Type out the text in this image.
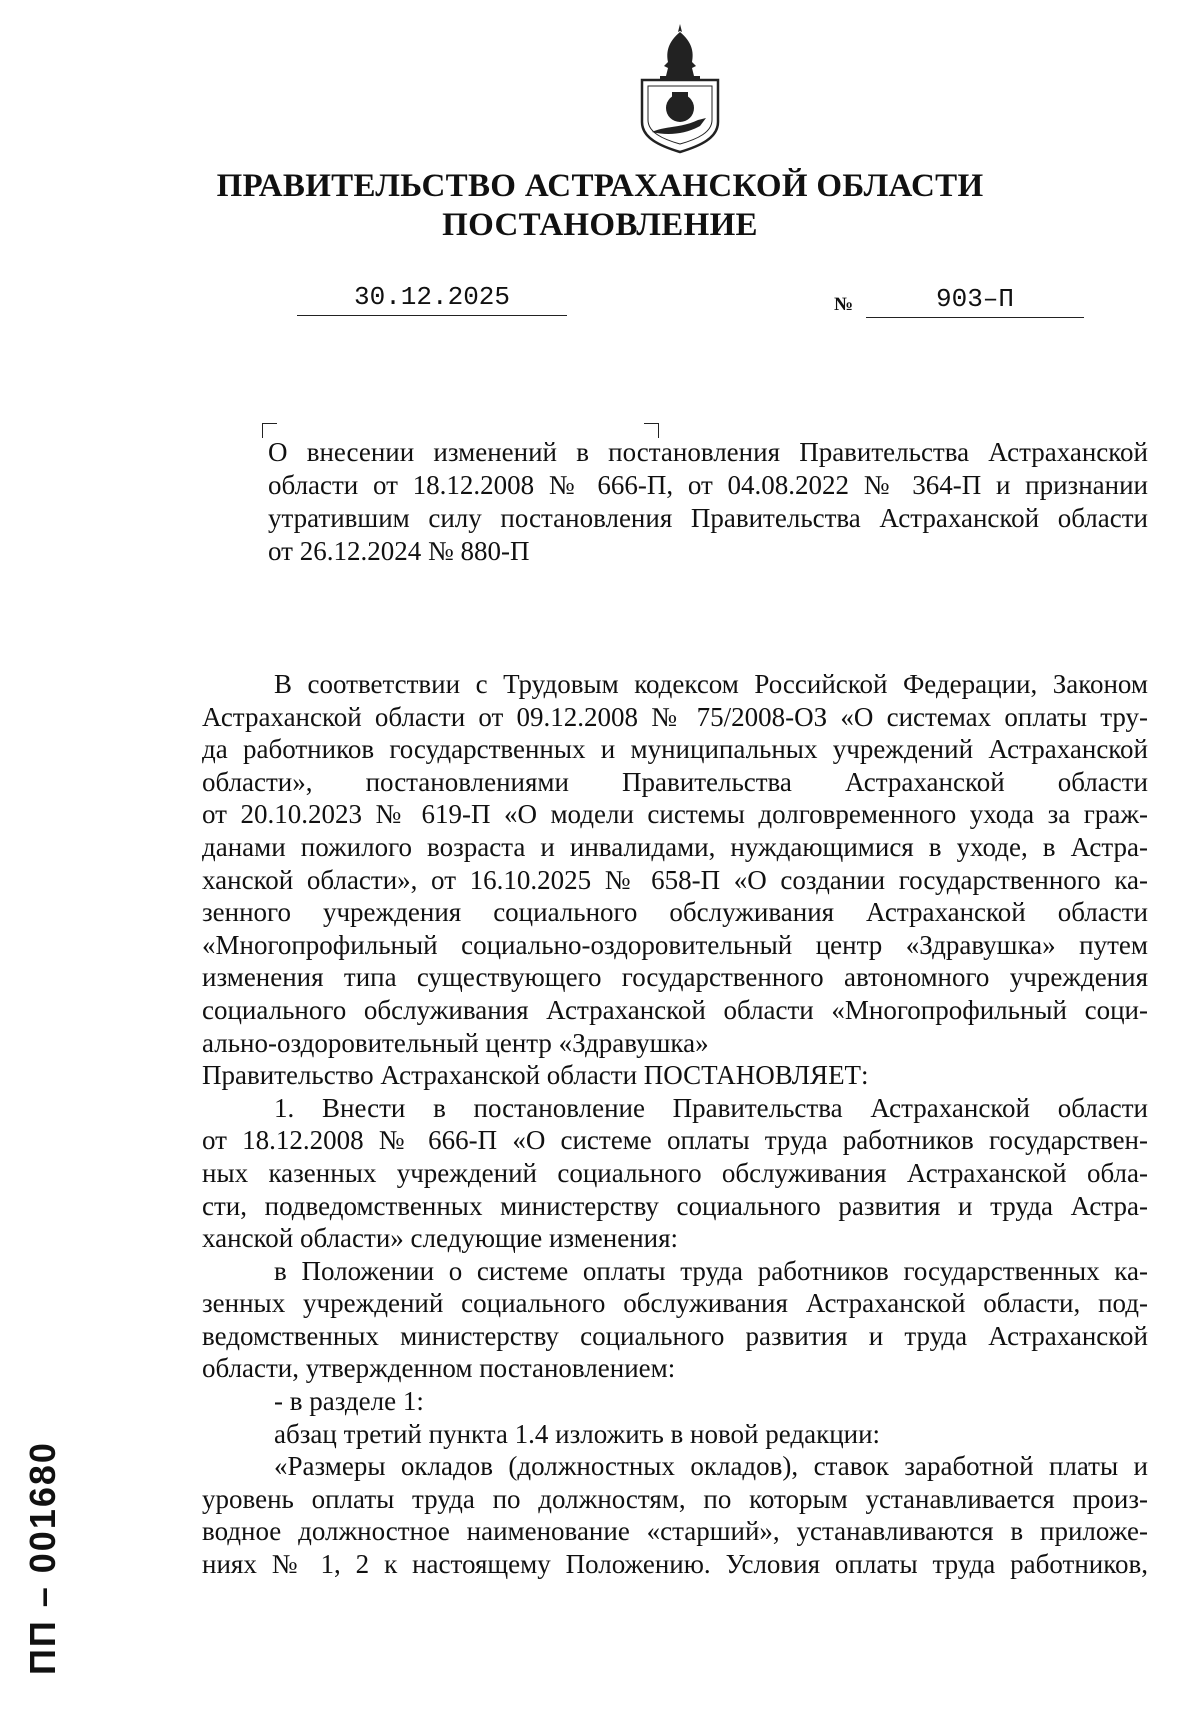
ПРАВИТЕЛЬСТВО АСТРАХАНСКОЙ ОБЛАСТИ
ПОСТАНОВЛЕНИЕ
30.12.2025	№	903–П
О внесении изменений в постановления Правительства Астраханской
области от 18.12.2008 № 666-П, от 04.08.2022 № 364-П и признании
утратившим силу постановления Правительства Астраханской области
от 26.12.2024 № 880-П
В соответствии с Трудовым кодексом Российской Федерации, Законом
Астраханской области от 09.12.2008 № 75/2008-ОЗ «О системах оплаты тру-
да работников государственных и муниципальных учреждений Астраханской
области», постановлениями Правительства Астраханской области
от 20.10.2023 № 619-П «О модели системы долговременного ухода за граж-
данами пожилого возраста и инвалидами, нуждающимися в уходе, в Астра-
ханской области», от 16.10.2025 № 658-П «О создании государственного ка-
зенного учреждения социального обслуживания Астраханской области
«Многопрофильный социально-оздоровительный центр «Здравушка» путем
изменения типа существующего государственного автономного учреждения
социального обслуживания Астраханской области «Многопрофильный соци-
ально-оздоровительный центр «Здравушка»
Правительство Астраханской области ПОСТАНОВЛЯЕТ:
1. Внести в постановление Правительства Астраханской области
от 18.12.2008 № 666-П «О системе оплаты труда работников государствен-
ных казенных учреждений социального обслуживания Астраханской обла-
сти, подведомственных министерству социального развития и труда Астра-
ханской области» следующие изменения:
в Положении о системе оплаты труда работников государственных ка-
зенных учреждений социального обслуживания Астраханской области, под-
ведомственных министерству социального развития и труда Астраханской
области, утвержденном постановлением:
- в разделе 1:
абзац третий пункта 1.4 изложить в новой редакции:
«Размеры окладов (должностных окладов), ставок заработной платы и
уровень оплаты труда по должностям, по которым устанавливается произ-
водное должностное наименование «старший», устанавливаются в приложе-
ниях № 1, 2 к настоящему Положению. Условия оплаты труда работников,
ПП – 001680
